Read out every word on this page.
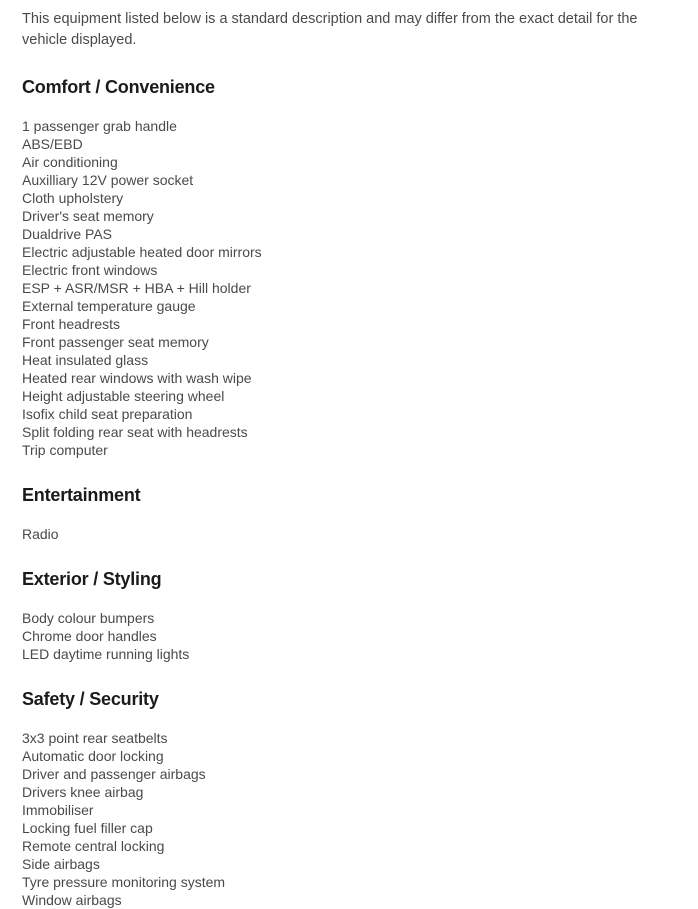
This equipment listed below is a standard description and may differ from the exact detail for the vehicle displayed.

Comfort / Convenience
1 passenger grab handle
ABS/EBD
Air conditioning
Auxilliary 12V power socket
Cloth upholstery
Driver's seat memory
Dualdrive PAS
Electric adjustable heated door mirrors
Electric front windows
ESP + ASR/MSR + HBA + Hill holder
External temperature gauge
Front headrests
Front passenger seat memory
Heat insulated glass
Heated rear windows with wash wipe
Height adjustable steering wheel
Isofix child seat preparation
Split folding rear seat with headrests
Trip computer
Entertainment
Radio
Exterior / Styling
Body colour bumpers
Chrome door handles
LED daytime running lights
Safety / Security
3x3 point rear seatbelts
Automatic door locking
Driver and passenger airbags
Drivers knee airbag
Immobiliser
Locking fuel filler cap
Remote central locking
Side airbags
Tyre pressure monitoring system
Window airbags
